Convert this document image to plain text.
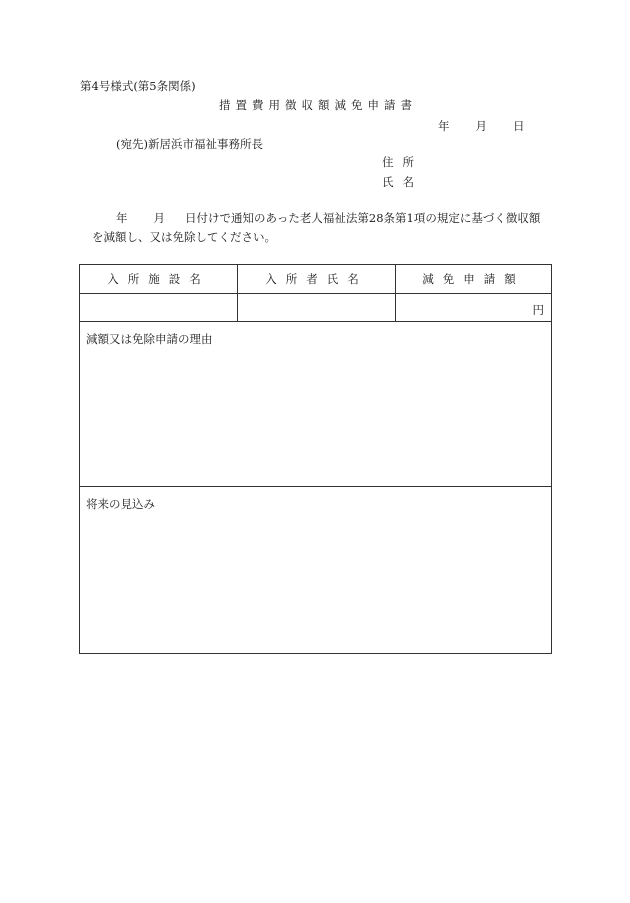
第4号様式(第5条関係)
措置費用徴収額減免申請書
年 月 日
(宛先)新居浜市福祉事務所長
住所
氏名
年 月 日付けで通知のあった老人福祉法第28条第1項の規定に基づく徴収額
を減額し、又は免除してください。
入所施設名	入所者氏名	減免申請額
円
減額又は免除申請の理由
将来の見込み
